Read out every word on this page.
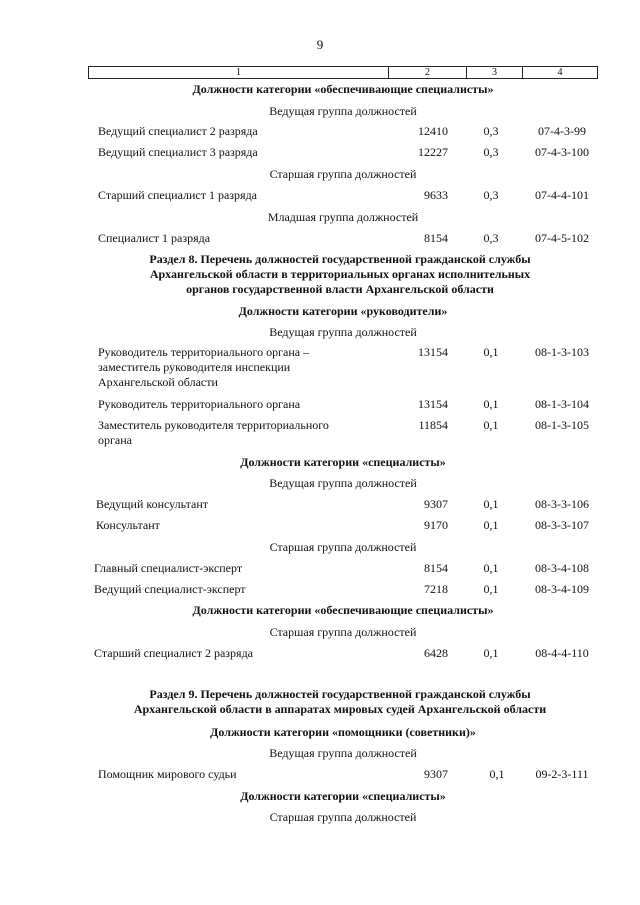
9
1	2	3	4
Должности категории «обеспечивающие специалисты»
Ведущая группа должностей
Ведущий специалист 2 разряда	12410	0,3	07-4-3-99
Ведущий специалист 3 разряда	12227	0,3	07-4-3-100
Старшая группа должностей
Старший специалист 1 разряда	9633	0,3	07-4-4-101
Младшая группа должностей
Специалист 1 разряда	8154	0,3	07-4-5-102
Раздел 8. Перечень должностей государственной гражданской службы
Архангельской области в территориальных органах исполнительных
органов государственной власти Архангельской области
Должности категории «руководители»
Ведущая группа должностей
Руководитель территориального органа –
заместитель руководителя инспекции
Архангельской области
13154	0,1	08-1-3-103
Руководитель территориального органа	13154	0,1	08-1-3-104
Заместитель руководителя территориального
органа
11854	0,1	08-1-3-105
Должности категории «специалисты»
Ведущая группа должностей
Ведущий консультант	9307	0,1	08-3-3-106
Консультант	9170	0,1	08-3-3-107
Старшая группа должностей
Главный специалист-эксперт	8154	0,1	08-3-4-108
Ведущий специалист-эксперт	7218	0,1	08-3-4-109
Должности категории «обеспечивающие специалисты»
Старшая группа должностей
Старший специалист 2 разряда	6428	0,1	08-4-4-110
Раздел 9. Перечень должностей государственной гражданской службы
Архангельской области в аппаратах мировых судей Архангельской области
Должности категории «помощники (советники)»
Ведущая группа должностей
Помощник мирового судьи	9307	0,1	09-2-3-111
Должности категории «специалисты»
Старшая группа должностей
